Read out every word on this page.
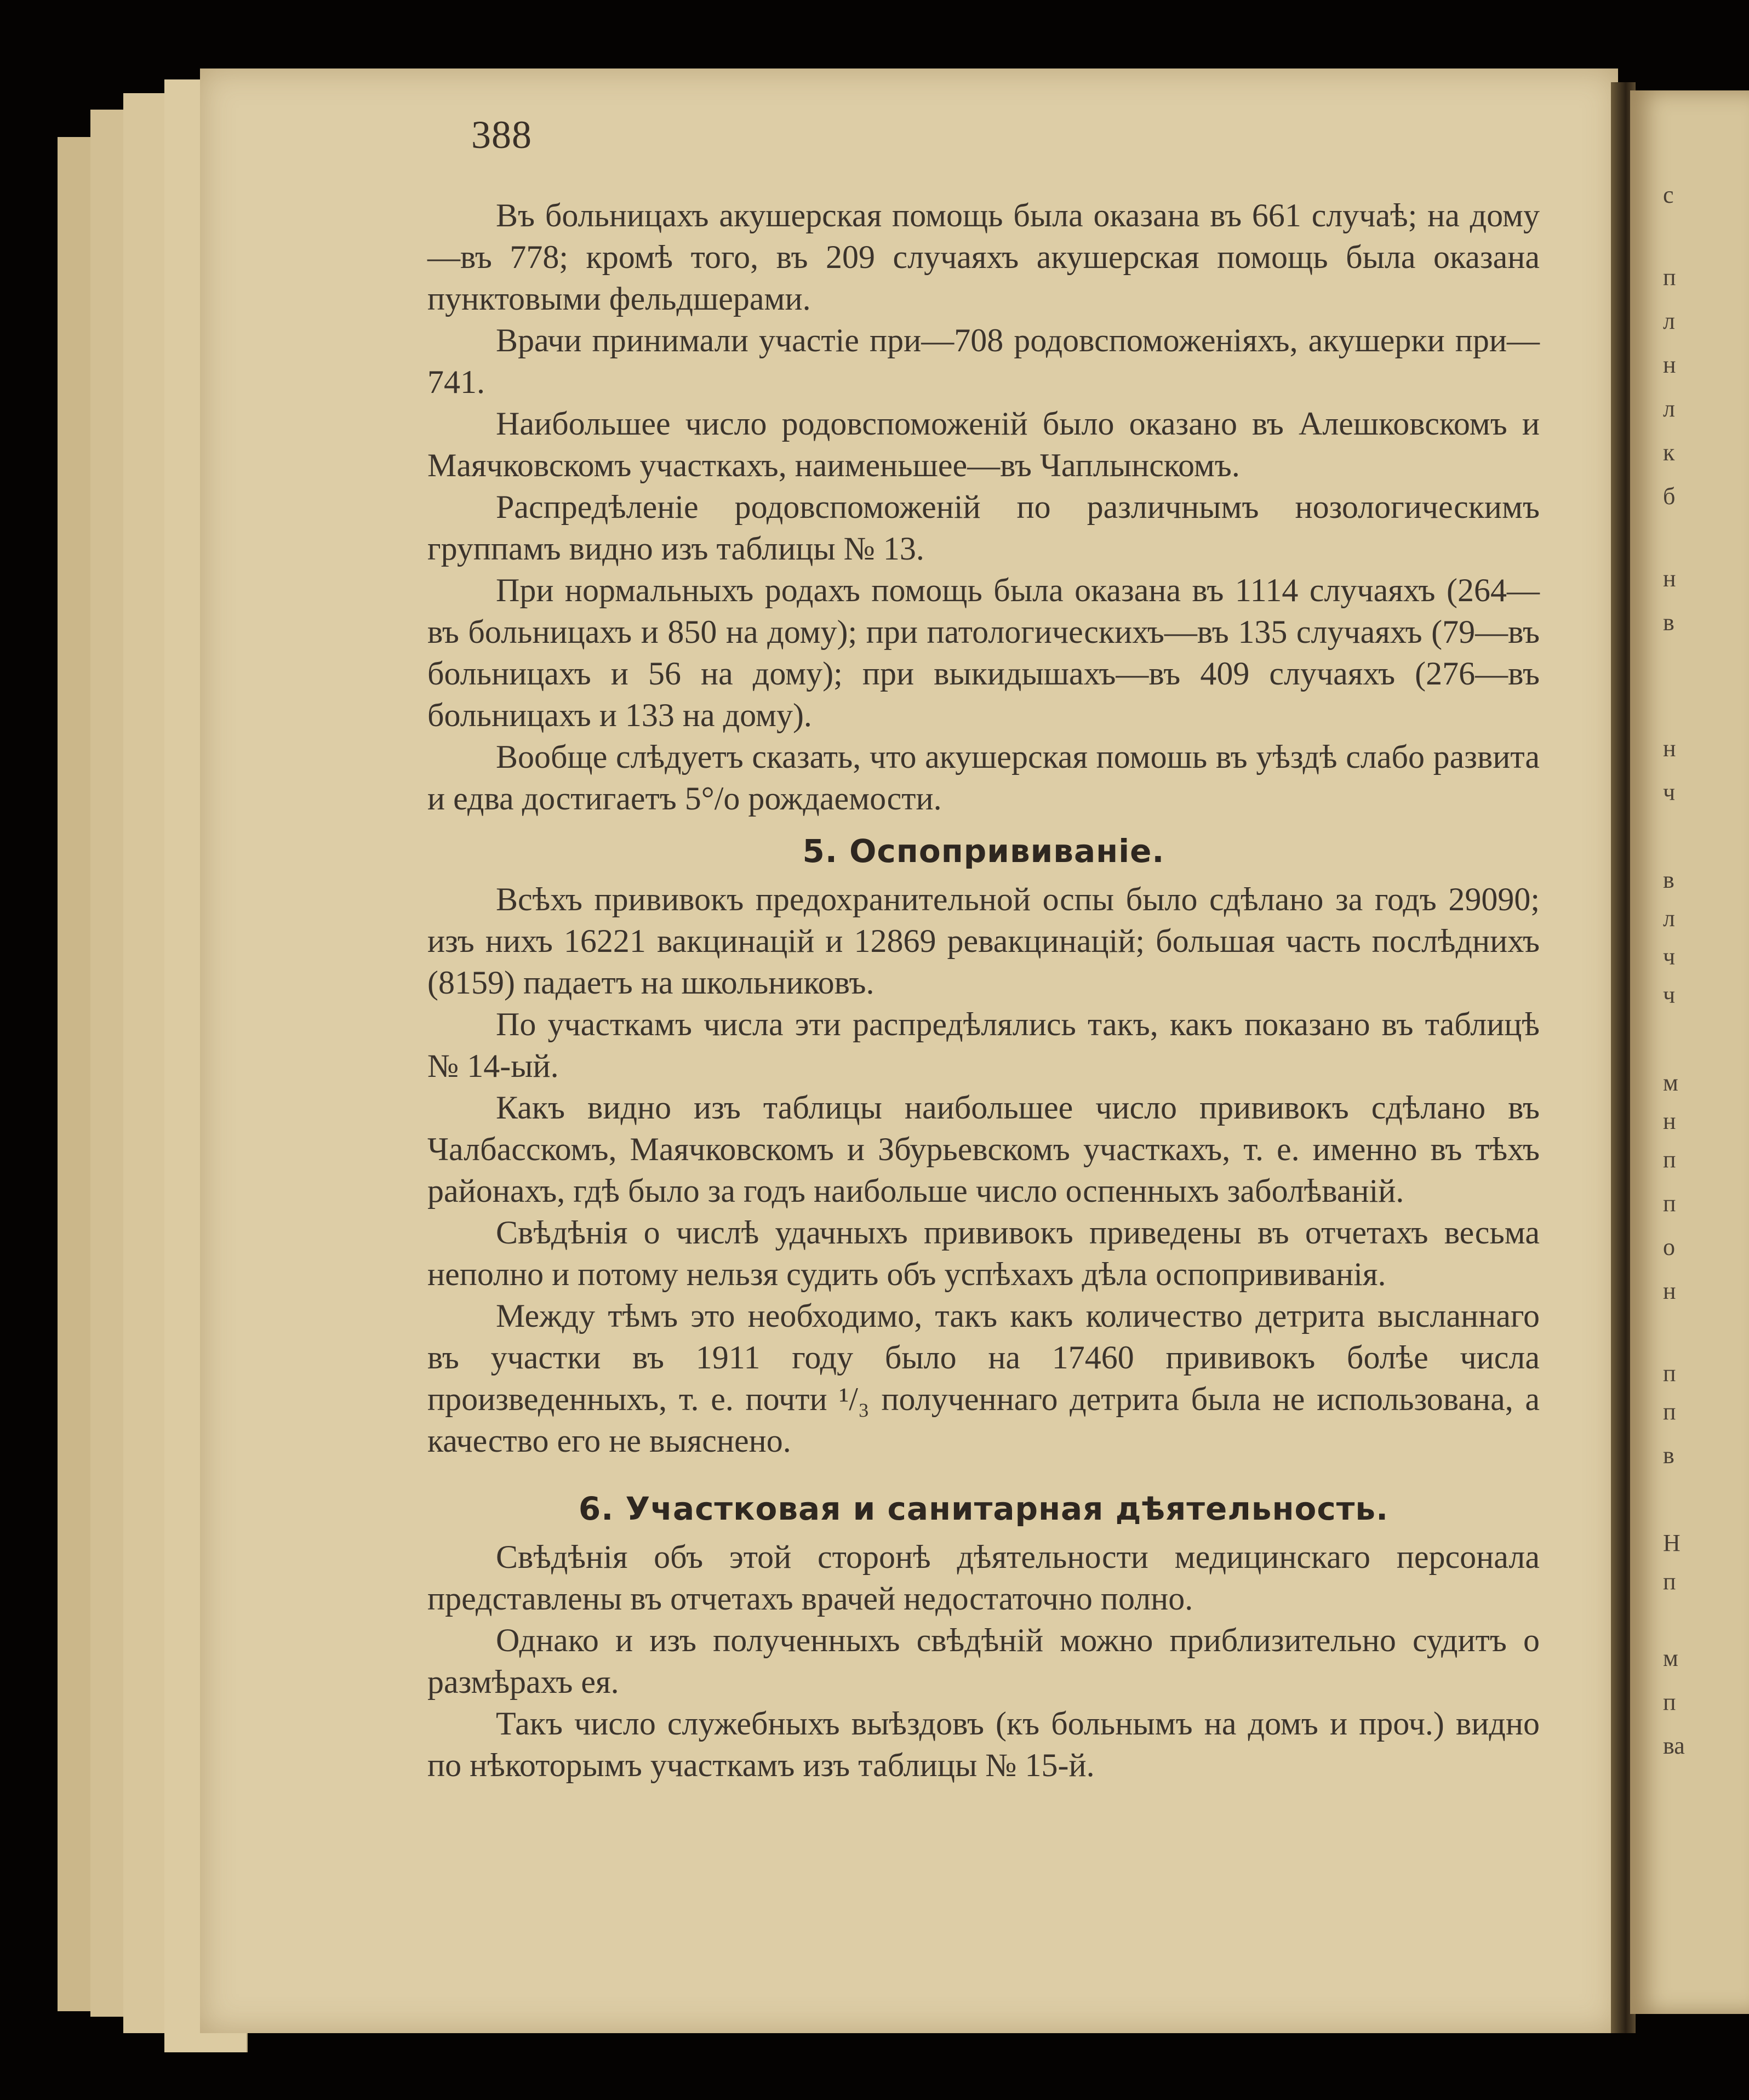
с
п
л
н
л
к
б
н
в
н
ч
в
л
ч
ч
м
н
п
п
о
н
п
п
в
Н
п
м
п
ва
388

Въ больницахъ акушерская помощь была оказана въ 661 случаѣ; на дому—въ 778; кромѣ того, въ 209 случаяхъ акушерская помощь была оказана пунктовыми фельдшерами.

Врачи принимали участіе при—708 родовспоможеніяхъ, акушерки при—741.

Наибольшее число родовспоможеній было оказано въ Алешковскомъ и Маячковскомъ участкахъ, наименьшее—въ Чаплынскомъ.

Распредѣленіе родовспоможеній по различнымъ нозологическимъ группамъ видно изъ таблицы № 13.

При нормальныхъ родахъ помощь была оказана въ 1114 случаяхъ (264—въ больницахъ и 850 на дому); при патологическихъ—въ 135 случаяхъ (79—въ больницахъ и 56 на дому); при выкидышахъ—въ 409 случаяхъ (276—въ больницахъ и 133 на дому).

Вообще слѣдуетъ сказать, что акушерская помошь въ уѣздѣ слабо развита и едва достигаетъ 5°/о рождаемости.

5. Оспопрививаніе.

Всѣхъ прививокъ предохранительной оспы было сдѣлано за годъ 29090; изъ нихъ 16221 вакцинацій и 12869 ревакцинацій; большая часть послѣднихъ (8159) падаетъ на школьниковъ.

По участкамъ числа эти распредѣлялись такъ, какъ показано въ таблицѣ № 14-ый.

Какъ видно изъ таблицы наибольшее число прививокъ сдѣлано въ Чалбасскомъ, Маячковскомъ и Збурьевскомъ участкахъ, т. е. именно въ тѣхъ районахъ, гдѣ было за годъ наибольше число оспенныхъ заболѣваній.

Свѣдѣнія о числѣ удачныхъ прививокъ приведены въ отчетахъ весьма неполно и потому нельзя судить объ успѣхахъ дѣла оспопрививанія.

Между тѣмъ это необходимо, такъ какъ количество детрита высланнаго въ участки въ 1911 году было на 17460 прививокъ болѣе числа произведенныхъ, т. е. почти ¹/₃ полученнаго детрита была не использована, а качество его не выяснено.

6. Участковая и санитарная дѣятельность.

Свѣдѣнія объ этой сторонѣ дѣятельности медицинскаго персонала представлены въ отчетахъ врачей недостаточно полно.

Однако и изъ полученныхъ свѣдѣній можно приблизительно судитъ о размѣрахъ ея.

Такъ число служебныхъ выѣздовъ (къ больнымъ на домъ и проч.) видно по нѣкоторымъ участкамъ изъ таблицы № 15-й.
